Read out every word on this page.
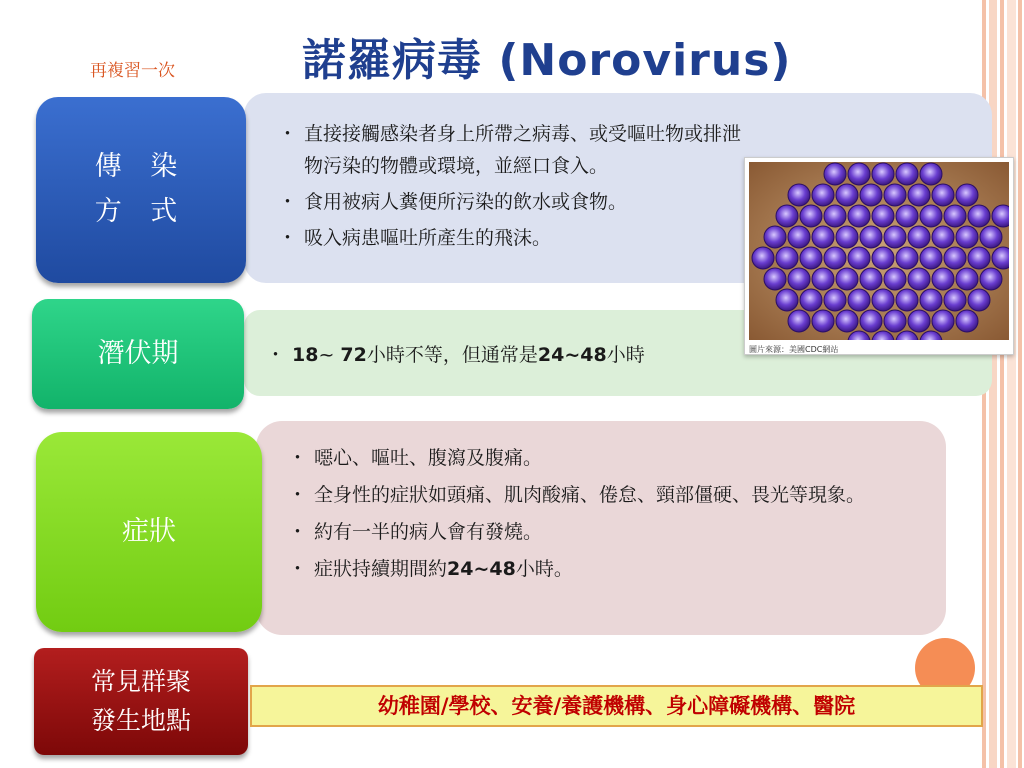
再複習一次	諾羅病毒 (Norovirus)
傳 染
方 式
潛伏期
症狀
常見群聚
發生地點
・ 直接接觸感染者身上所帶之病毒、或受嘔吐物或排泄物污染的物體或環境，並經口食入。
・ 食用被病人糞便所污染的飲水或食物。
・ 吸入病患嘔吐所產生的飛沫。
・ 18~ 72小時不等，但通常是24~48小時
・ 噁心、嘔吐、腹瀉及腹痛。
・ 全身性的症狀如頭痛、肌肉酸痛、倦怠、頸部僵硬、畏光等現象。
・ 約有一半的病人會有發燒。
・ 症狀持續期間約24~48小時。
圖片來源：美國CDC網站
幼稚園/學校、安養/養護機構、身心障礙機構、醫院
